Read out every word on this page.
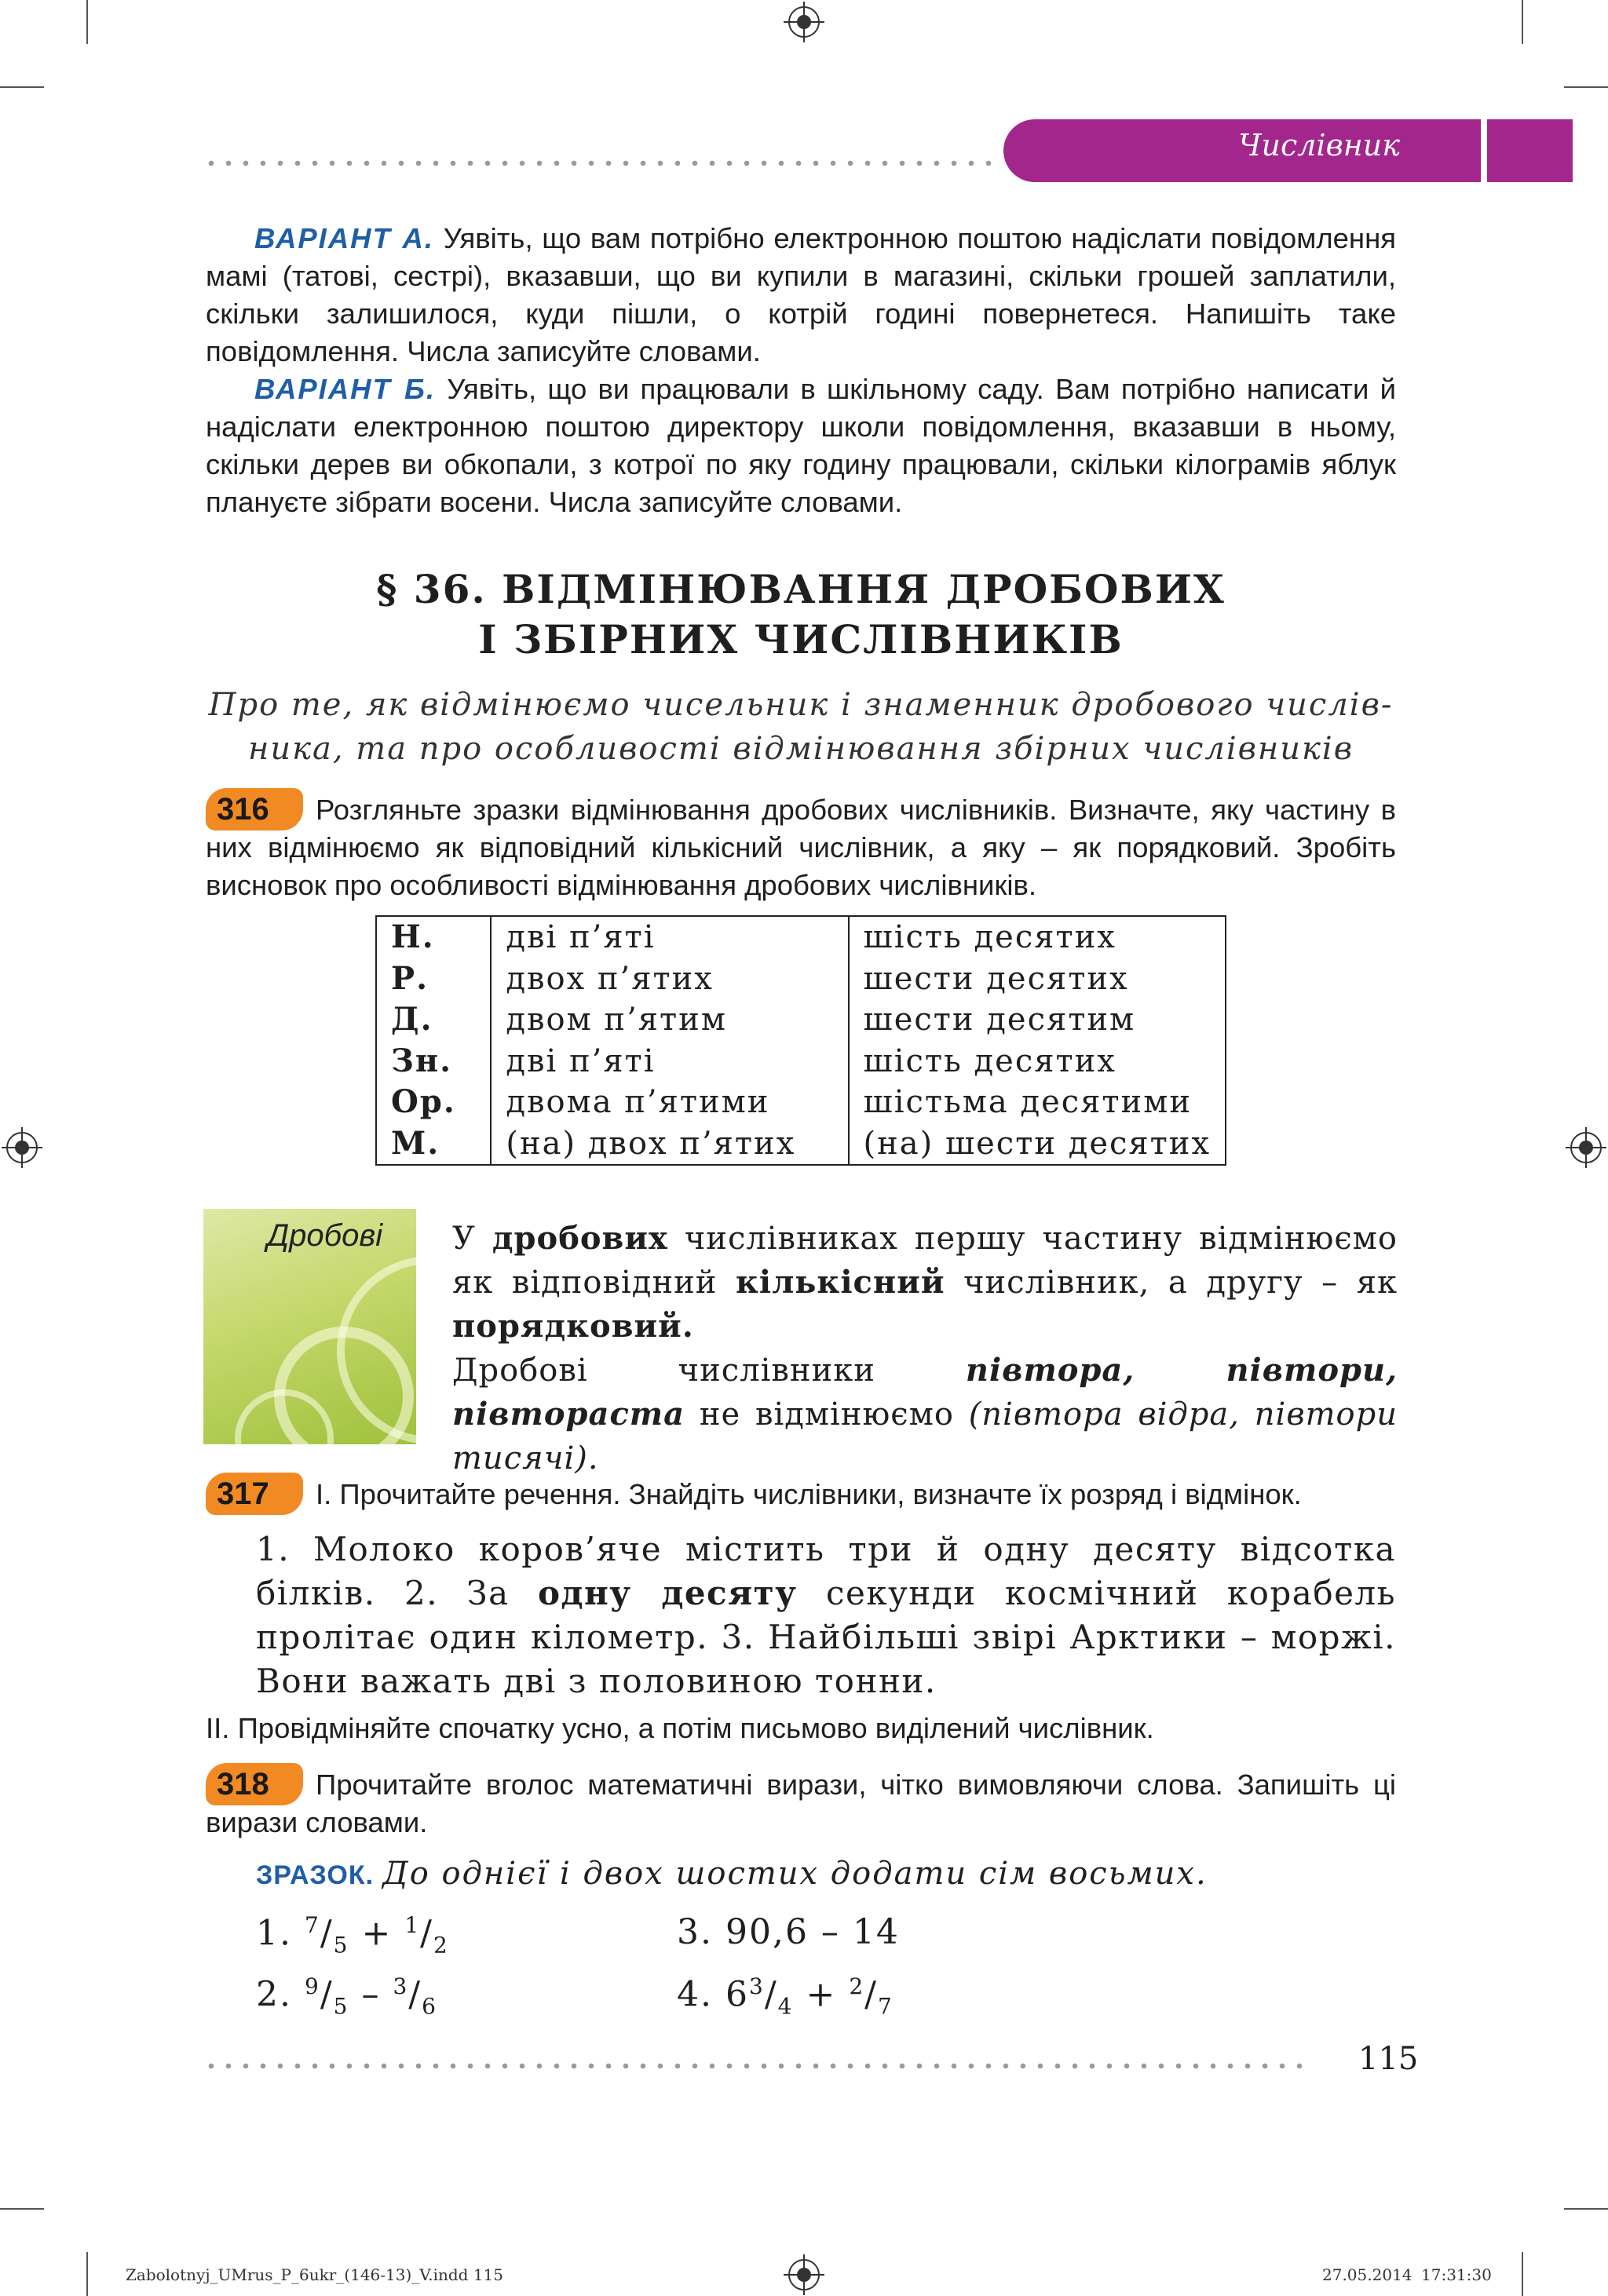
Числівник
ВАРІАНТ А. Уявіть, що вам потрібно електронною поштою надіслати повідомлення мамі (татові, сестрі), вказавши, що ви купили в магазині, скільки грошей заплатили, скільки залишилося, куди пішли, о котрій годині повернетеся. Напишіть таке повідомлення. Числа записуйте словами.
ВАРІАНТ Б. Уявіть, що ви працювали в шкільному саду. Вам потрібно написати й надіслати електронною поштою директору школи повідомлення, вказавши в ньому, скільки дерев ви обкопали, з котрої по яку годину працювали, скільки кілограмів яблук плануєте зібрати восени. Числа записуйте словами.
§ 36. ВІДМІНЮВАННЯ ДРОБОВИХ
І ЗБІРНИХ ЧИСЛІВНИКІВ
Про те, як відмінюємо чисельник і знаменник дробового числів-
ника, та про особливості відмінювання збірних числівників
316	Розгляньте зразки відмінювання дробових числівників. Визначте, яку частину в них відмінюємо як відповідний кількісний числівник, а яку – як порядковий. Зробіть висновок про особливості відмінювання дробових числівників.
Н.	дві п’яті	шість десятих
Р.	двох п’ятих	шести десятих
Д.	двом п’ятим	шести десятим
Зн.	дві п’яті	шість десятих
Ор.	двома п’ятими	шістьма десятими
М.	(на) двох п’ятих	(на) шести десятих
Дробові У дробових числівниках першу частину відмінюємо як відповідний кількісний числівник, а другу – як порядковий.
Дробові числівники півтора, півтори, півтораста не відмінюємо (півтора відра, півтори тисячі).
317	І. Прочитайте речення. Знайдіть числівники, визначте їх розряд і відмінок.
1. Молоко коров’яче містить три й одну десяту відсотка білків. 2. За одну десяту секунди космічний корабель пролітає один кілометр. 3. Найбільші звірі Арктики – моржі. Вони важать дві з половиною тонни.
ІІ. Провідміняйте спочатку усно, а потім письмово виділений числівник.
318	Прочитайте вголос математичні вирази, чітко вимовляючи слова. Запишіть ці вирази словами.
ЗРАЗОК. До однієї і двох шостих додати сім восьмих.
1. $^7/_5 + ^1/_2$
2. $^9/_5 - ^3/_6$
3. 90,6 – 14
4. $6^3/_4 + ^2/_7$
115
Zabolotnyj_UMrus_P_6ukr_(146-13)_V.indd 115	27.05.2014 17:31:30
